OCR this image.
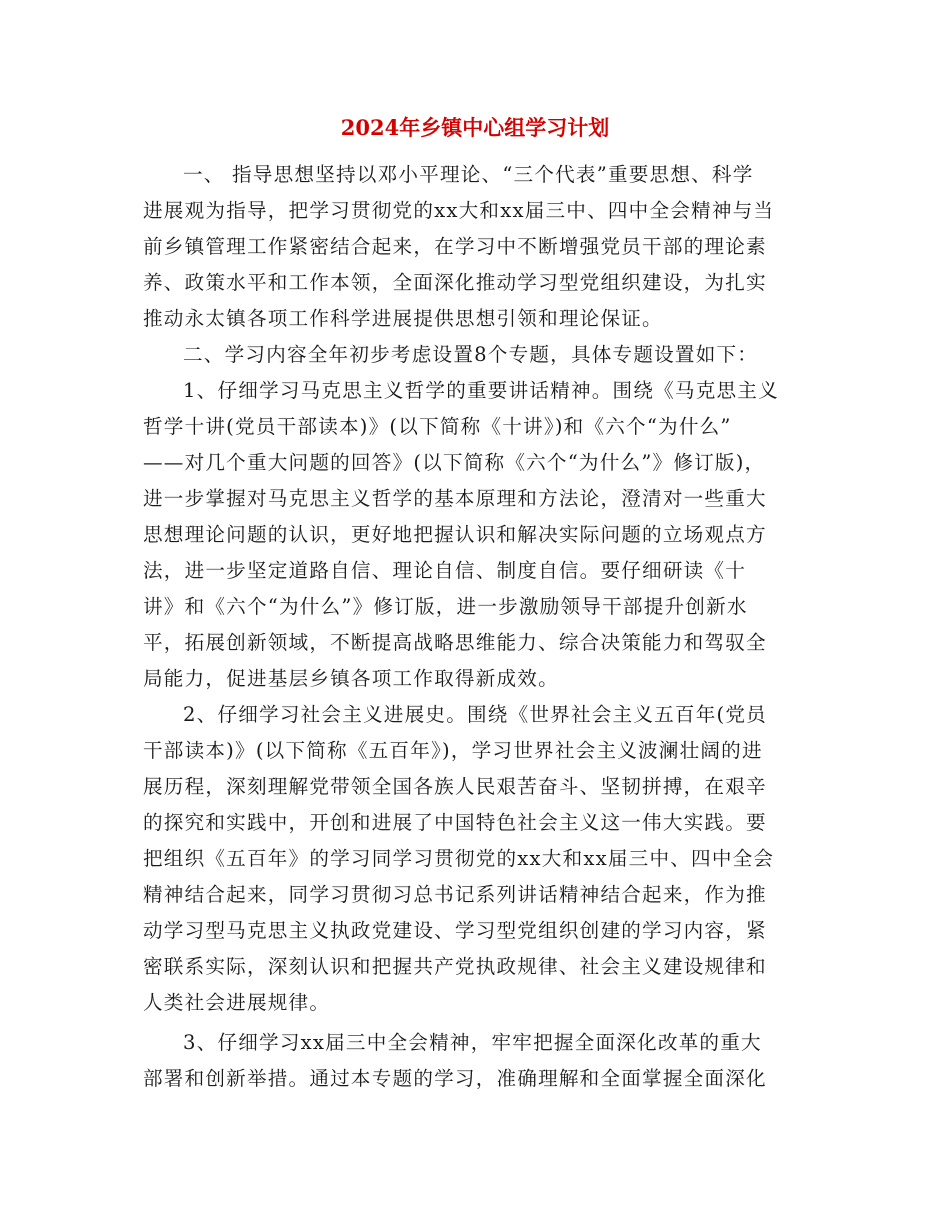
2024年乡镇中心组学习计划
一、 指导思想坚持以邓小平理论、“三个代表”重要思想、科学
进展观为指导，把学习贯彻党的xx大和xx届三中、四中全会精神与当
前乡镇管理工作紧密结合起来，在学习中不断增强党员干部的理论素
养、政策水平和工作本领，全面深化推动学习型党组织建设，为扎实
推动永太镇各项工作科学进展提供思想引领和理论保证。
二、学习内容全年初步考虑设置8个专题，具体专题设置如下：
1、仔细学习马克思主义哲学的重要讲话精神。围绕《马克思主义
哲学十讲(党员干部读本)》(以下简称《十讲》)和《六个“为什么”
——对几个重大问题的回答》(以下简称《六个“为什么”》修订版)，
进一步掌握对马克思主义哲学的基本原理和方法论，澄清对一些重大
思想理论问题的认识，更好地把握认识和解决实际问题的立场观点方
法，进一步坚定道路自信、理论自信、制度自信。要仔细研读《十
讲》和《六个“为什么”》修订版，进一步激励领导干部提升创新水
平，拓展创新领域，不断提高战略思维能力、综合决策能力和驾驭全
局能力，促进基层乡镇各项工作取得新成效。
2、仔细学习社会主义进展史。围绕《世界社会主义五百年(党员
干部读本)》(以下简称《五百年》)，学习世界社会主义波澜壮阔的进
展历程，深刻理解党带领全国各族人民艰苦奋斗、坚韧拼搏，在艰辛
的探究和实践中，开创和进展了中国特色社会主义这一伟大实践。要
把组织《五百年》的学习同学习贯彻党的xx大和xx届三中、四中全会
精神结合起来，同学习贯彻习总书记系列讲话精神结合起来，作为推
动学习型马克思主义执政党建设、学习型党组织创建的学习内容，紧
密联系实际，深刻认识和把握共产党执政规律、社会主义建设规律和
人类社会进展规律。
3、仔细学习xx届三中全会精神，牢牢把握全面深化改革的重大
部署和创新举措。通过本专题的学习，准确理解和全面掌握全面深化
